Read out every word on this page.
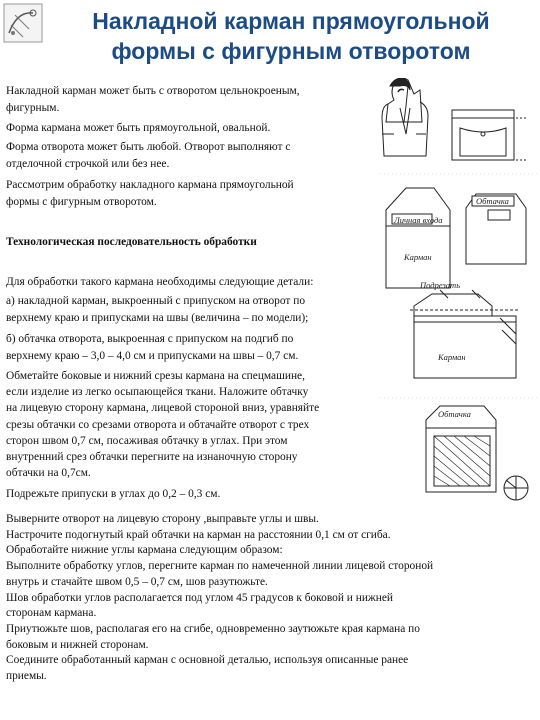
Накладной карман прямоугольной
формы с фигурным отворотом
Накладной карман может быть с отворотом цельнокроеным,
фигурным.
Форма кармана может быть прямоугольной, овальной.
Форма отворота может быть любой. Отворот выполняют с
отделочной строчкой или без нее.
Рассмотрим обработку накладного кармана прямоугольной
формы с фигурным отворотом.
Технологическая последовательность обработки
Для обработки такого кармана необходимы следующие детали:
а) накладной карман, выкроенный с припуском на отворот по
верхнему краю и припусками на швы (величина – по модели);
б) обтачка отворота, выкроенная с припуском на подгиб по
верхнему краю – 3,0 – 4,0 см и припусками на швы – 0,7 см.
Обметайте боковые и нижний срезы кармана на спецмашине,
если изделие из легко осыпающейся ткани. Наложите обтачку
на лицевую сторону кармана, лицевой стороной вниз, уравняйте
срезы обтачки со срезами отворота и обтачайте отворот с трех
сторон швом 0,7 см, посаживая обтачку в углах. При этом
внутренний срез обтачки перегните на изнаночную сторону
обтачки на 0,7см.
Подрежьте припуски в углах до 0,2 – 0,3 см.
Обтачка
Личная входа
Карман
Подрезать
Карман
Обтачка
Выверните отворот на лицевую сторону ,выправьте углы и швы.
Настрочите подогнутый край обтачки на карман на расстоянии 0,1 см от сгиба.
Обработайте нижние углы кармана следующим образом:
Выполните обработку углов, перегните карман по намеченной линии лицевой стороной
внутрь и стачайте швом 0,5 – 0,7 см, шов разутюжьте.
Шов обработки углов располагается под углом 45 градусов к боковой и нижней
сторонам кармана.
Приутюжьте шов, располагая его на сгибе, одновременно заутюжьте края кармана по
боковым и нижней сторонам.
Соедините обработанный карман с основной деталью, используя описанные ранее
приемы.
